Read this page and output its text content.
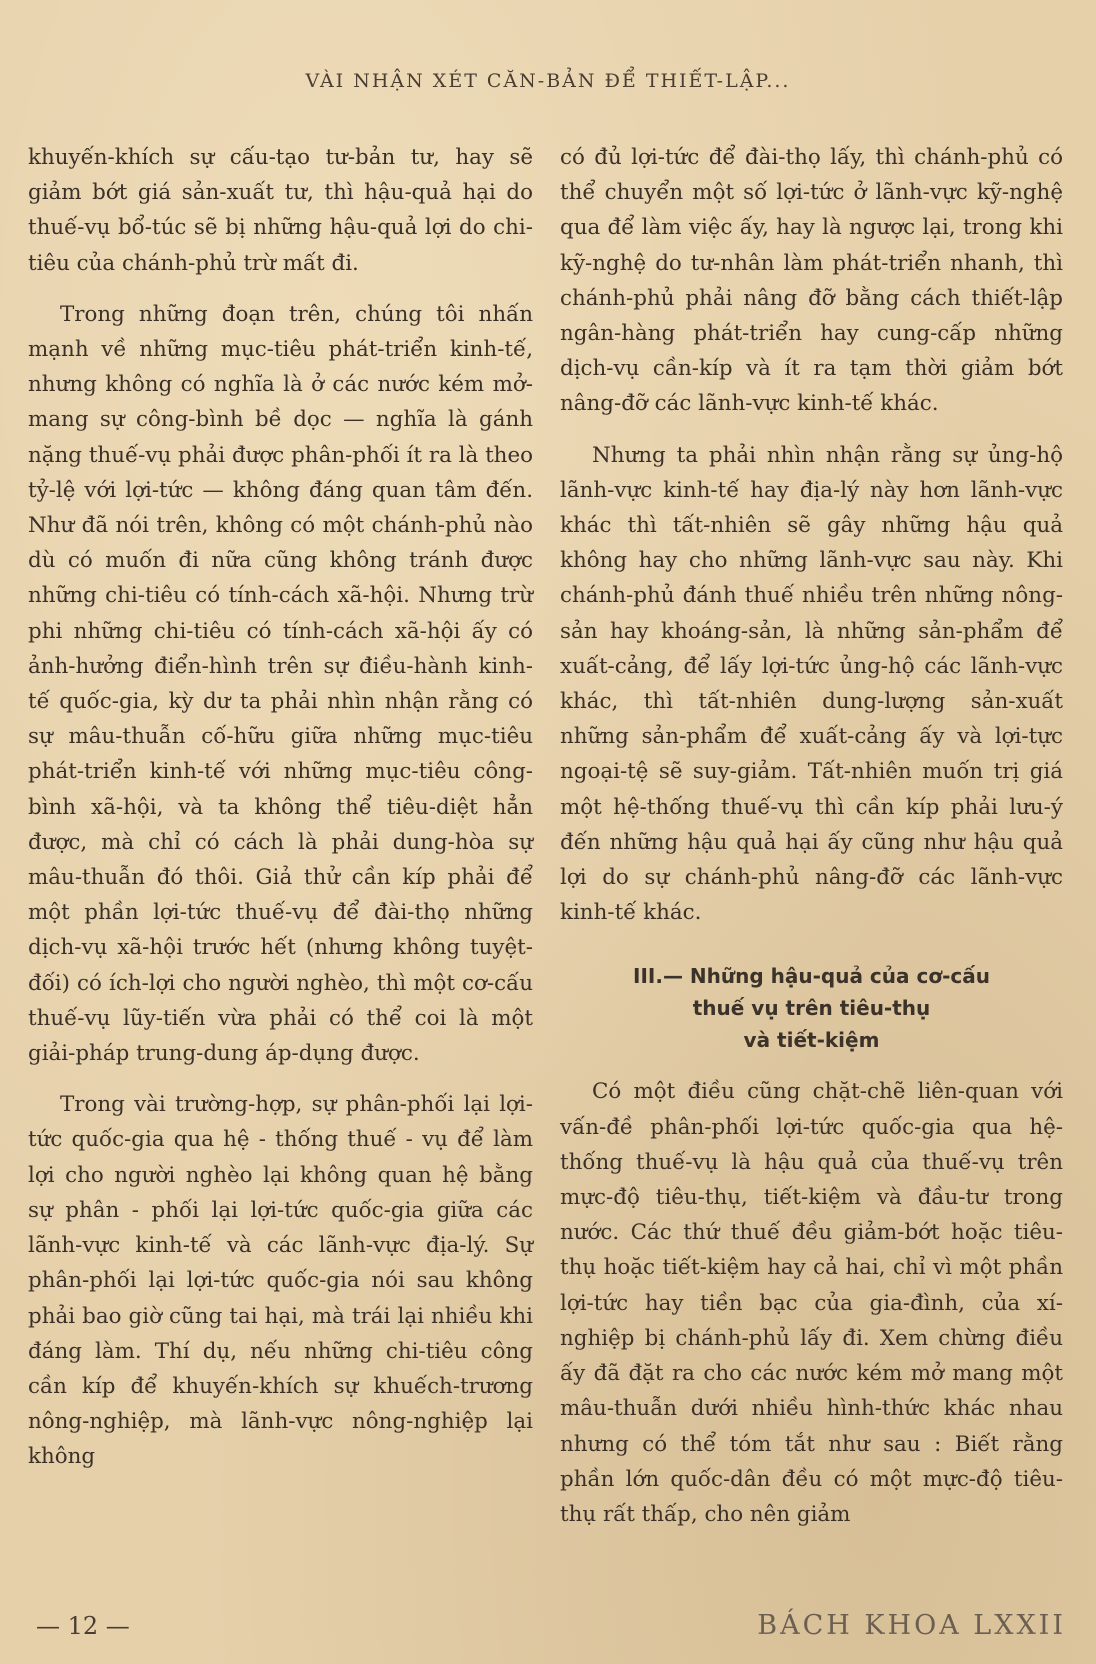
VÀI NHẬN XÉT CĂN-BẢN ĐỂ THIẾT-LẬP...

khuyến-khích sự cấu-tạo tư-bản tư, hay sẽ giảm bớt giá sản-xuất tư, thì hậu-quả hại do thuế-vụ bổ-túc sẽ bị những hậu-quả lợi do chi-tiêu của chánh-phủ trừ mất đi.

Trong những đoạn trên, chúng tôi nhấn mạnh về những mục-tiêu phát-triển kinh-tế, nhưng không có nghĩa là ở các nước kém mở-mang sự công-bình bề dọc — nghĩa là gánh nặng thuế-vụ phải được phân-phối ít ra là theo tỷ-lệ với lợi-tức — không đáng quan tâm đến. Như đã nói trên, không có một chánh-phủ nào dù có muốn đi nữa cũng không tránh được những chi-tiêu có tính-cách xã-hội. Nhưng trừ phi những chi-tiêu có tính-cách xã-hội ấy có ảnh-hưởng điển-hình trên sự điều-hành kinh-tế quốc-gia, kỳ dư ta phải nhìn nhận rằng có sự mâu-thuẫn cố-hữu giữa những mục-tiêu phát-triển kinh-tế với những mục-tiêu công-bình xã-hội, và ta không thể tiêu-diệt hẳn được, mà chỉ có cách là phải dung-hòa sự mâu-thuẫn đó thôi. Giả thử cần kíp phải để một phần lợi-tức thuế-vụ để đài-thọ những dịch-vụ xã-hội trước hết (nhưng không tuyệt-đối) có ích-lợi cho người nghèo, thì một cơ-cấu thuế-vụ lũy-tiến vừa phải có thể coi là một giải-pháp trung-dung áp-dụng được.

Trong vài trường-hợp, sự phân-phối lại lợi-tức quốc-gia qua hệ - thống thuế - vụ để làm lợi cho người nghèo lại không quan hệ bằng sự phân - phối lại lợi-tức quốc-gia giữa các lãnh-vực kinh-tế và các lãnh-vực địa-lý. Sự phân-phối lại lợi-tức quốc-gia nói sau không phải bao giờ cũng tai hại, mà trái lại nhiều khi đáng làm. Thí dụ, nếu những chi-tiêu công cần kíp để khuyến-khích sự khuếch-trương nông-nghiệp, mà lãnh-vực nông-nghiệp lại không

có đủ lợi-tức để đài-thọ lấy, thì chánh-phủ có thể chuyển một số lợi-tức ở lãnh-vực kỹ-nghệ qua để làm việc ấy, hay là ngược lại, trong khi kỹ-nghệ do tư-nhân làm phát-triển nhanh, thì chánh-phủ phải nâng đỡ bằng cách thiết-lập ngân-hàng phát-triển hay cung-cấp những dịch-vụ cần-kíp và ít ra tạm thời giảm bớt nâng-đỡ các lãnh-vực kinh-tế khác.

Nhưng ta phải nhìn nhận rằng sự ủng-hộ lãnh-vực kinh-tế hay địa-lý này hơn lãnh-vực khác thì tất-nhiên sẽ gây những hậu quả không hay cho những lãnh-vực sau này. Khi chánh-phủ đánh thuế nhiều trên những nông-sản hay khoáng-sản, là những sản-phẩm để xuất-cảng, để lấy lợi-tức ủng-hộ các lãnh-vực khác, thì tất-nhiên dung-lượng sản-xuất những sản-phẩm để xuất-cảng ấy và lợi-tực ngoại-tệ sẽ suy-giảm. Tất-nhiên muốn trị giá một hệ-thống thuế-vụ thì cần kíp phải lưu-ý đến những hậu quả hại ấy cũng như hậu quả lợi do sự chánh-phủ nâng-đỡ các lãnh-vực kinh-tế khác.

III.— Những hậu-quả của cơ-cấu
thuế vụ trên tiêu-thụ
và tiết-kiệm

Có một điều cũng chặt-chẽ liên-quan với vấn-đề phân-phối lợi-tức quốc-gia qua hệ-thống thuế-vụ là hậu quả của thuế-vụ trên mực-độ tiêu-thụ, tiết-kiệm và đầu-tư trong nước. Các thứ thuế đều giảm-bớt hoặc tiêu-thụ hoặc tiết-kiệm hay cả hai, chỉ vì một phần lợi-tức hay tiền bạc của gia-đình, của xí-nghiệp bị chánh-phủ lấy đi. Xem chừng điều ấy đã đặt ra cho các nước kém mở mang một mâu-thuẫn dưới nhiều hình-thức khác nhau nhưng có thể tóm tắt như sau : Biết rằng phần lớn quốc-dân đều có một mực-độ tiêu-thụ rất thấp, cho nên giảm

— 12 —	BÁCH KHOA LXXII
